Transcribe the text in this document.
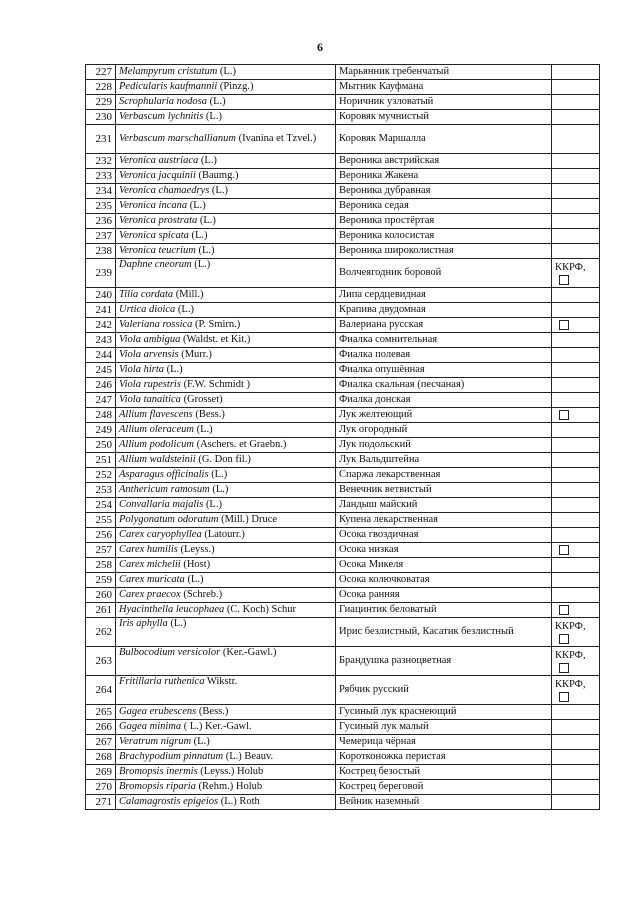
6
227	Melampyrum cristatum (L.)	Марьянник гребенчатый	
228	Pedicularis kaufmannii (Pinzg.)	Мытник Кауфмана	
229	Scrophularia nodosa (L.)	Норичник узловатый	
230	Verbascum lychnitis (L.)	Коровяк мучнистый	
231	Verbascum marschallianum (Ivanina et Tzvel.)	Коровяк Маршалла	
232	Veronica austriaca (L.)	Вероника австрийская	
233	Veronica jacquinii (Baumg.)	Вероника Жакена	
234	Veronica chamaedrys (L.)	Вероника дубравная	
235	Veronica incana (L.)	Вероника седая	
236	Veronica prostrata (L.)	Вероника простёртая	
237	Veronica spicata (L.)	Вероника колосистая	
238	Veronica teucrium (L.)	Вероника широколистная	
239	Daphne cneorum (L.)	Волчеягодник боровой	ККРФ,

240	Tilia cordata (Mill.)	Липа сердцевидная	
241	Urtica dioica (L.)	Крапива двудомная	
242	Valeriana rossica (P. Smirn.)	Валериана русская	

243	Viola ambigua (Waldst. et Kit.)	Фиалка сомнительная	
244	Viola arvensis (Murr.)	Фиалка полевая	
245	Viola hirta (L.)	Фиалка опушённая	
246	Viola rupestris (F.W. Schmidt )	Фиалка скальная (песчаная)	
247	Viola tanaitica (Grosset)	Фиалка донская	
248	Allium flavescens (Bess.)	Лук желтеющий	

249	Allium oleraceum (L.)	Лук огородный	
250	Allium podolicum (Aschers. et Graebn.)	Лук подольский	
251	Allium waldsteinii (G. Don fil.)	Лук Вальдштейна	
252	Asparagus officinalis (L.)	Спаржа лекарственная	
253	Anthericum ramosum (L.)	Венечник ветвистый	
254	Convallaria majalis (L.)	Ландыш майский	
255	Polygonatum odoratum (Mill.) Druce	Купена лекарственная	
256	Carex caryophyllea (Latourr.)	Осока гвоздичная	
257	Carex humilis (Leyss.)	Осока низкая	

258	Carex michelii (Host)	Осока Микеля	
259	Carex muricata (L.)	Осока колючковатая	
260	Carex praecox (Schreb.)	Осока ранняя	
261	Hyacinthella leucophaea (C. Koch) Schur	Гиацинтик беловатый	

262	Iris aphylla (L.)	Ирис безлистный, Касатик безлистный	ККРФ,

263	Bulbocodium versicolor (Ker.-Gawl.)	Брандушка разноцветная	ККРФ,

264	Fritillaria ruthenica Wikstr.	Рябчик русский	ККРФ,

265	Gagea erubescens (Bess.)	Гусиный лук краснеющий	
266	Gagea minima ( L.) Ker.-Gawl.	Гусиный лук малый	
267	Veratrum nigrum (L.)	Чемерица чёрная	
268	Brachypodium pinnatum (L.) Beauv.	Коротконожка перистая	
269	Bromopsis inermis (Leyss.) Holub	Кострец безостый	
270	Bromopsis riparia (Rehm.) Holub	Кострец береговой	
271	Calamagrostis epigeios (L.) Roth	Вейник наземный	
